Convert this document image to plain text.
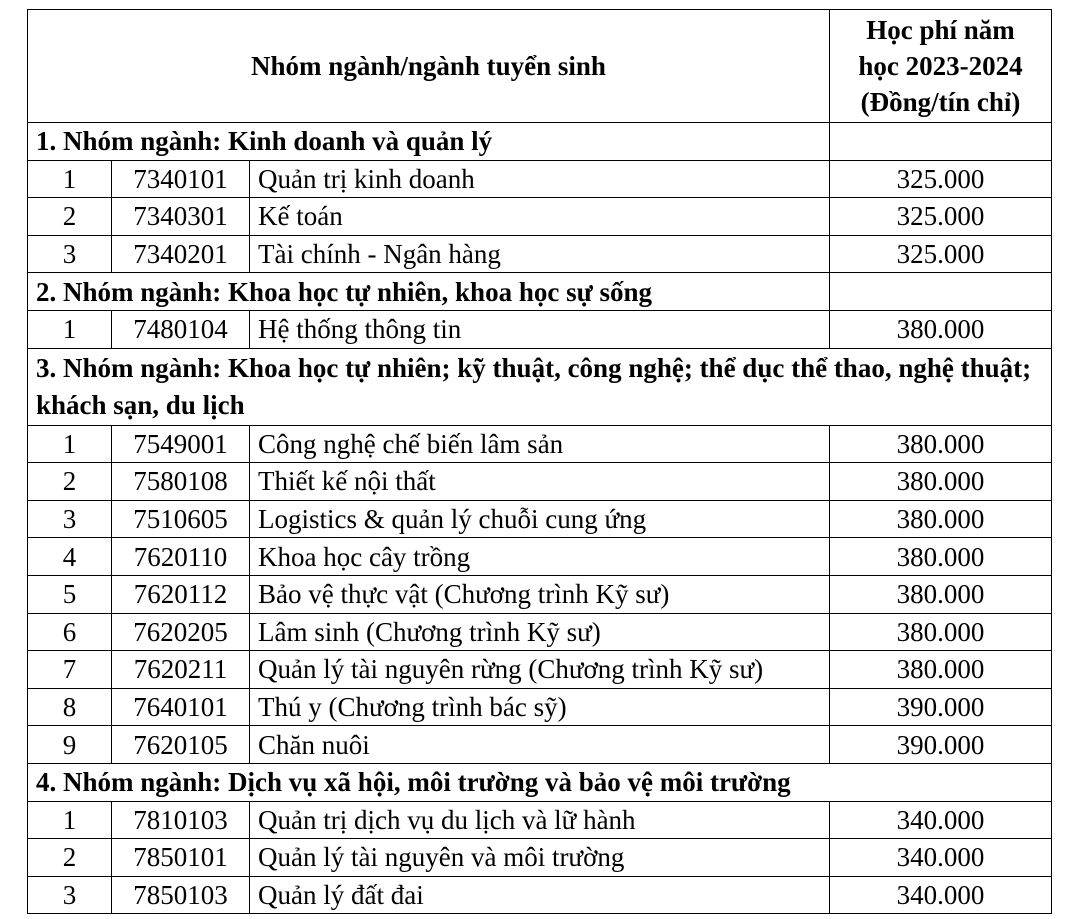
Nhóm ngành/ngành tuyển sinh			Học phí năm
học 2023-2024
(Đồng/tín chỉ)
1. Nhóm ngành: Kinh doanh và quản lý			
1	7340101	Quản trị kinh doanh	325.000
2	7340301	Kế toán	325.000
3	7340201	Tài chính - Ngân hàng	325.000
2. Nhóm ngành: Khoa học tự nhiên, khoa học sự sống			
1	7480104	Hệ thống thông tin	380.000
3. Nhóm ngành: Khoa học tự nhiên; kỹ thuật, công nghệ; thể dục thể thao, nghệ thuật; khách sạn, du lịch			
1	7549001	Công nghệ chế biến lâm sản	380.000
2	7580108	Thiết kế nội thất	380.000
3	7510605	Logistics & quản lý chuỗi cung ứng	380.000
4	7620110	Khoa học cây trồng	380.000
5	7620112	Bảo vệ thực vật (Chương trình Kỹ sư)	380.000
6	7620205	Lâm sinh (Chương trình Kỹ sư)	380.000
7	7620211	Quản lý tài nguyên rừng (Chương trình Kỹ sư)	380.000
8	7640101	Thú y (Chương trình bác sỹ)	390.000
9	7620105	Chăn nuôi	390.000
4. Nhóm ngành: Dịch vụ xã hội, môi trường và bảo vệ môi trường			
1	7810103	Quản trị dịch vụ du lịch và lữ hành	340.000
2	7850101	Quản lý tài nguyên và môi trường	340.000
3	7850103	Quản lý đất đai	340.000
